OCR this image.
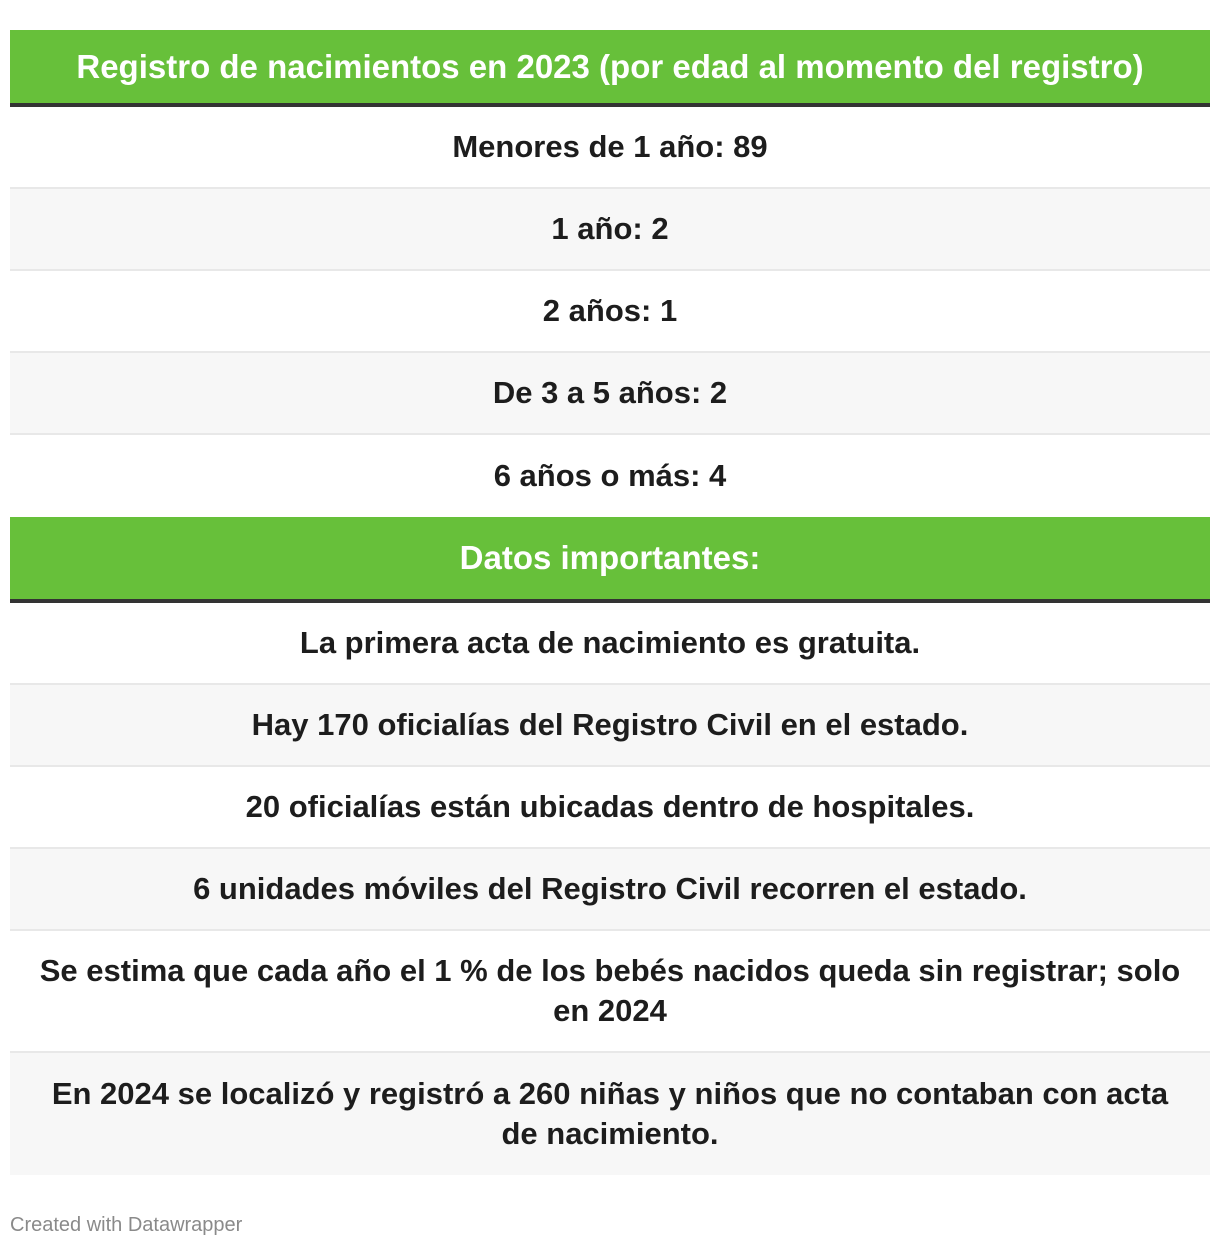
Registro de nacimientos en 2023 (por edad al momento del registro)
Menores de 1 año: 89
1 año: 2
2 años: 1
De 3 a 5 años: 2
6 años o más: 4
Datos importantes:
La primera acta de nacimiento es gratuita.
Hay 170 oficialías del Registro Civil en el estado.
20 oficialías están ubicadas dentro de hospitales.
6 unidades móviles del Registro Civil recorren el estado.
Se estima que cada año el 1 % de los bebés nacidos queda sin registrar; solo en 2024
En 2024 se localizó y registró a 260 niñas y niños que no contaban con acta de nacimiento.
Created with Datawrapper
